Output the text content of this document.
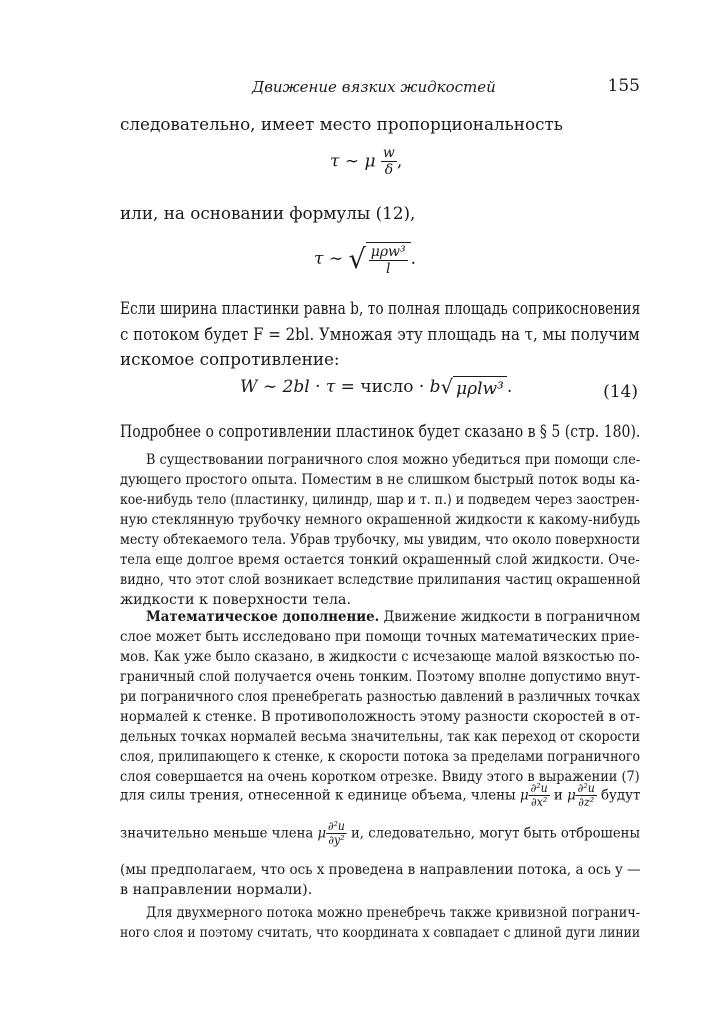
Движение вязких жидкостей	155
следовательно, имеет место пропорциональность
τ ∼ μ $\frac{w}{\delta}$ ,
или, на основании формулы (12),
τ ∼ √ $\frac{\text{μρw³}}{l}$ .
Если ширина пластинки равна b, то полная площадь соприкосновения
с потоком будет F = 2bl. Умножая эту площадь на τ, мы получим
искомое сопротивление:
W ∼ 2bl · τ = число · b√ μρlw³ .	(14)
Подробнее о сопротивлении пластинок будет сказано в § 5 (стр. 180).
В существовании пограничного слоя можно убедиться при помощи сле-
дующего простого опыта. Поместим в не слишком быстрый поток воды ка-
кое-нибудь тело (пластинку, цилиндр, шар и т. п.) и подведем через заострен-
ную стеклянную трубочку немного окрашенной жидкости к какому-нибудь
месту обтекаемого тела. Убрав трубочку, мы увидим, что около поверхности
тела еще долгое время остается тонкий окрашенный слой жидкости. Оче-
видно, что этот слой возникает вследствие прилипания частиц окрашенной
жидкости к поверхности тела.
Математическое дополнение. Движение жидкости в пограничном
слое может быть исследовано при помощи точных математических прие-
мов. Как уже было сказано, в жидкости с исчезающе малой вязкостью по-
граничный слой получается очень тонким. Поэтому вполне допустимо внут-
ри пограничного слоя пренебрегать разностью давлений в различных точках
нормалей к стенке. В противоположность этому разности скоростей в от-
дельных точках нормалей весьма значительны, так как переход от скорости
слоя, прилипающего к стенке, к скорости потока за пределами пограничного
слоя совершается на очень коротком отрезке. Ввиду этого в выражении (7)
для силы трения, отнесенной к единице объема, члены μ $\frac{\text{∂²u}}{\text{∂x²}}$ и μ $\frac{\text{∂²u}}{\text{∂z²}}$ будут
значительно меньше члена μ $\frac{\text{∂²u}}{\text{∂y²}} и$, следовательно, могут быть отброшены
(мы предполагаем, что ось x проведена в направлении потока, а ось y —
в направлении нормали).
Для двухмерного потока можно пренебречь также кривизной погранич-
ного слоя и поэтому считать, что координата x совпадает с длиной дуги линии
